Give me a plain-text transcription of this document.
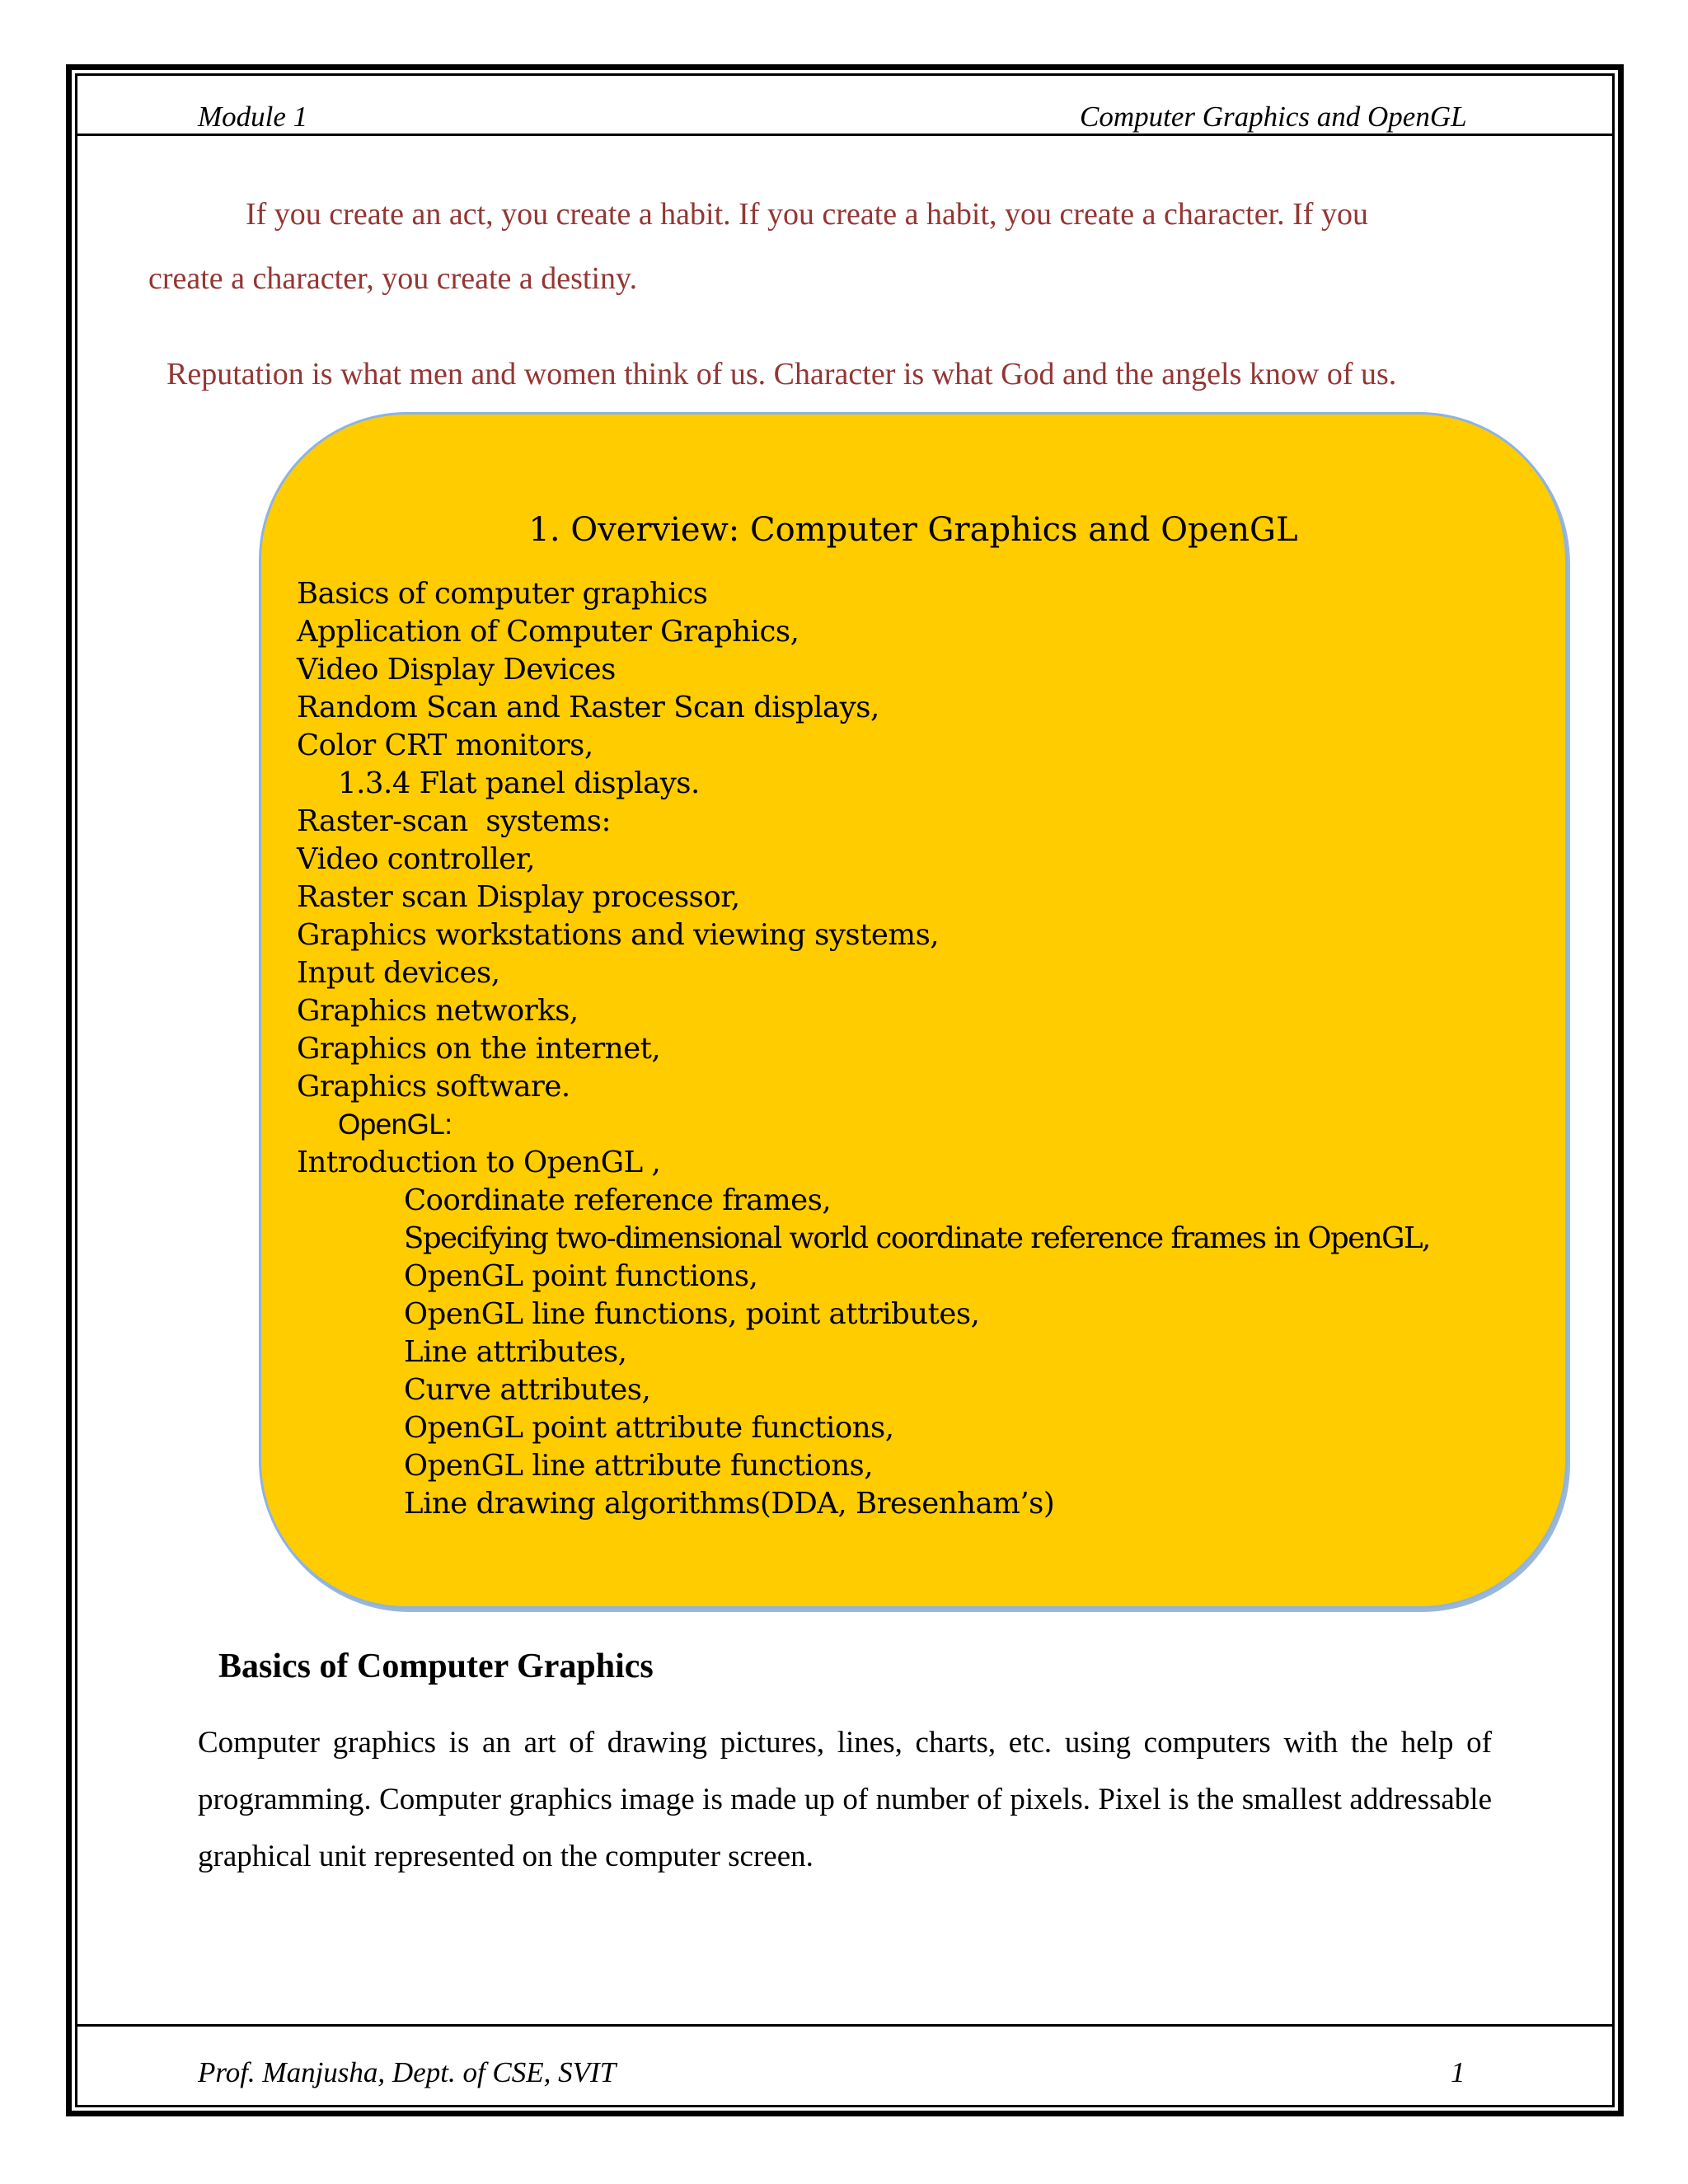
Module 1	Computer Graphics and OpenGL
If you create an act, you create a habit. If you create a habit, you create a character. If you
create a character, you create a destiny.
Reputation is what men and women think of us. Character is what God and the angels know of us.
1. Overview: Computer Graphics and OpenGL
Basics of computer graphics
Application of Computer Graphics,
Video Display Devices
Random Scan and Raster Scan displays,
Color CRT monitors,
1.3.4 Flat panel displays.
Raster-scan  systems:
Video controller,
Raster scan Display processor,
Graphics workstations and viewing systems,
Input devices,
Graphics networks,
Graphics on the internet,
Graphics software.
OpenGL:
Introduction to OpenGL ,
Coordinate reference frames,
Specifying two-dimensional world coordinate reference frames in OpenGL,
OpenGL point functions,
OpenGL line functions, point attributes,
Line attributes,
Curve attributes,
OpenGL point attribute functions,
OpenGL line attribute functions,
Line drawing algorithms(DDA, Bresenham’s)
Basics of Computer Graphics
Computer graphics is an art of drawing pictures, lines, charts, etc. using computers with the help of programming. Computer graphics image is made up of number of pixels. Pixel is the smallest addressable graphical unit represented on the computer screen.
Prof. Manjusha, Dept. of CSE, SVIT	1
